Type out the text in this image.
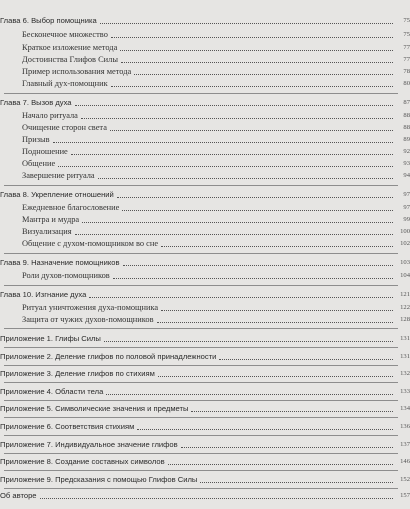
Глава 6. Выбор помощника	75
Бесконечное множество	75
Краткое изложение метода	77
Достоинства Глифов Силы	77
Пример использования метода	78
Главный дух-помощник	80
Глава 7. Вызов духа	87
Начало ритуала	88
Очищение сторон света	88
Призыв	89
Подношение	92
Общение	93
Завершение ритуала	94
Глава 8. Укрепление отношений	97
Ежедневное благословение	97
Мантра и мудра	99
Визуализация	100
Общение с духом-помощником во сне	102
Глава 9. Назначение помощников	103
Роли духов-помощников	104
Глава 10. Изгнание духа	121
Ритуал уничтожения духа-помощника	122
Защита от чужих духов-помощников	128
Приложение 1. Глифы Силы	131
Приложение 2. Деление глифов по половой принадлежности	131
Приложение 3. Деление глифов по стихиям	132
Приложение 4. Области тела	133
Приложение 5. Символические значения и предметы	134
Приложение 6. Соответствия стихиям	136
Приложение 7. Индивидуальное значение глифов	137
Приложение 8. Создание составных символов	146
Приложение 9. Предсказания с помощью Глифов Силы	152
Об авторе	157
